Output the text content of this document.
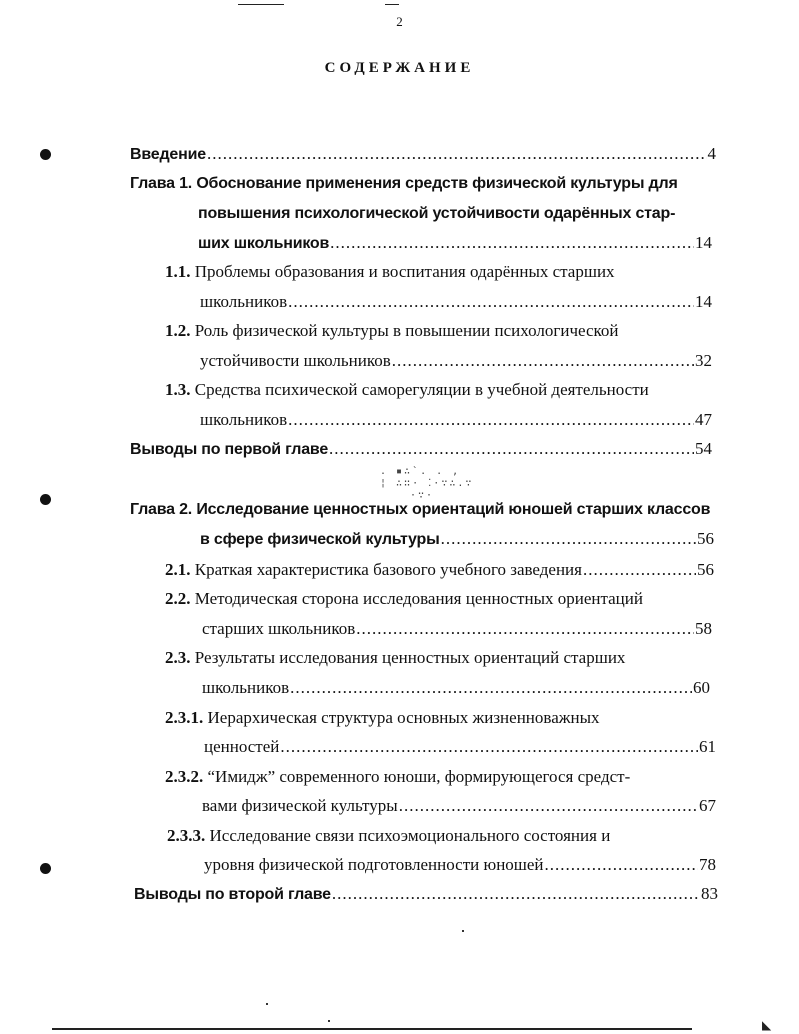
2
СОДЕРЖАНИЕ
Введение .....	4
Глава 1. Обоснование применения средств физической культуры для
повышения психологической устойчивости одарённых стар-
ших школьников .....	14
1.1. Проблемы образования и воспитания одарённых старших
школьников .....	14
1.2. Роль физической культуры в повышении психологической
устойчивости школьников .....	32
1.3. Средства психической саморегуляции в учебной деятельности
школьников .....	47
Выводы по первой главе .....	54
. ▪∴`. . ,
¦ ∴∷· ⁚·∵∴.∵
·∵·
Глава 2. Исследование ценностных ориентаций юношей старших классов
в сфере физической культуры .....	56
2.1.
Краткая характеристика базового учебного заведения .....	56
2.2. Методическая сторона исследования ценностных ориентаций
старших школьников .....	58
2.3. Результаты исследования ценностных ориентаций старших
школьников .....	60
2.3.1. Иерархическая структура основных жизненноважных
ценностей .....	61
2.3.2. “Имидж” современного юноши, формирующегося средст-
вами физической культуры .....	67
2.3.3. Исследование связи психоэмоционального состояния и
уровня физической подготовленности юношей .....	78
Выводы по второй главе .....	83
◣
